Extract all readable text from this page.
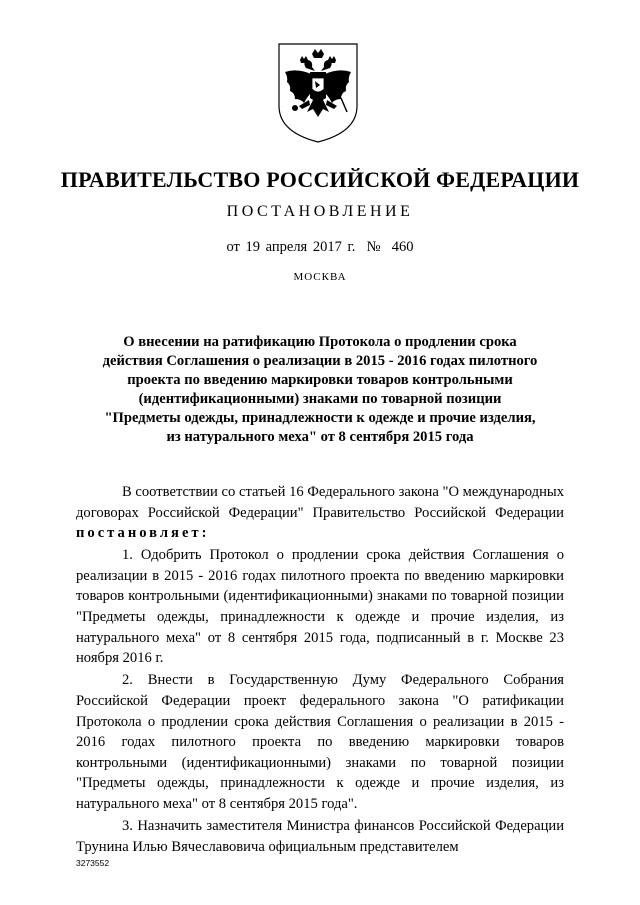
ПРАВИТЕЛЬСТВО РОССИЙСКОЙ ФЕДЕРАЦИИ
ПОСТАНОВЛЕНИЕ
от 19 апреля 2017 г.  №  460
МОСКВА
О внесении на ратификацию Протокола о продлении срока
действия Соглашения о реализации в 2015 - 2016 годах пилотного
проекта по введению маркировки товаров контрольными
(идентификационными) знаками по товарной позиции
"Предметы одежды, принадлежности к одежде и прочие изделия,
из натурального меха" от 8 сентября 2015 года

В соответствии со статьей 16 Федерального закона "О международных договорах Российской Федерации" Правительство Российской Федерации постановляет:

1. Одобрить Протокол о продлении срока действия Соглашения о реализации в 2015 - 2016 годах пилотного проекта по введению маркировки товаров контрольными (идентификационными) знаками по товарной позиции "Предметы одежды, принадлежности к одежде и прочие изделия, из натурального меха" от 8 сентября 2015 года, подписанный в г. Москве 23 ноября 2016 г.

2. Внести в Государственную Думу Федерального Собрания Российской Федерации проект федерального закона "О ратификации Протокола о продлении срока действия Соглашения о реализации в 2015 - 2016 годах пилотного проекта по введению маркировки товаров контрольными (идентификационными) знаками по товарной позиции "Предметы одежды, принадлежности к одежде и прочие изделия, из натурального меха" от 8 сентября 2015 года".

3. Назначить заместителя Министра финансов Российской Федерации Трунина Илью Вячеславовича официальным представителем

3273552
